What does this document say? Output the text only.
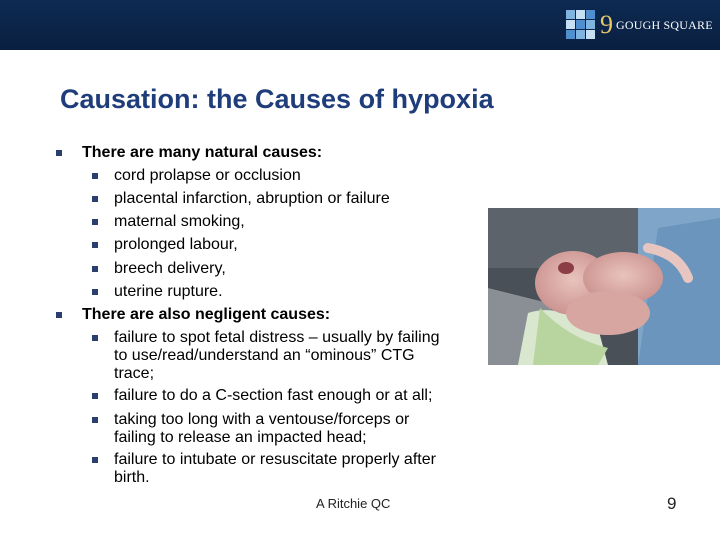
9 GOUGH SQUARE
Causation: the Causes of hypoxia
There are many natural causes:
cord prolapse or occlusion
placental infarction, abruption or failure
maternal smoking,
prolonged labour,
breech delivery,
uterine rupture.
There are also negligent causes:
failure to spot fetal distress – usually by failing
to use/read/understand an “ominous” CTG
trace;
failure to do a C-section fast enough or at all;
taking too long with a ventouse/forceps or
failing to release an impacted head;
failure to intubate or resuscitate properly after
birth.
A Ritchie QC	9
